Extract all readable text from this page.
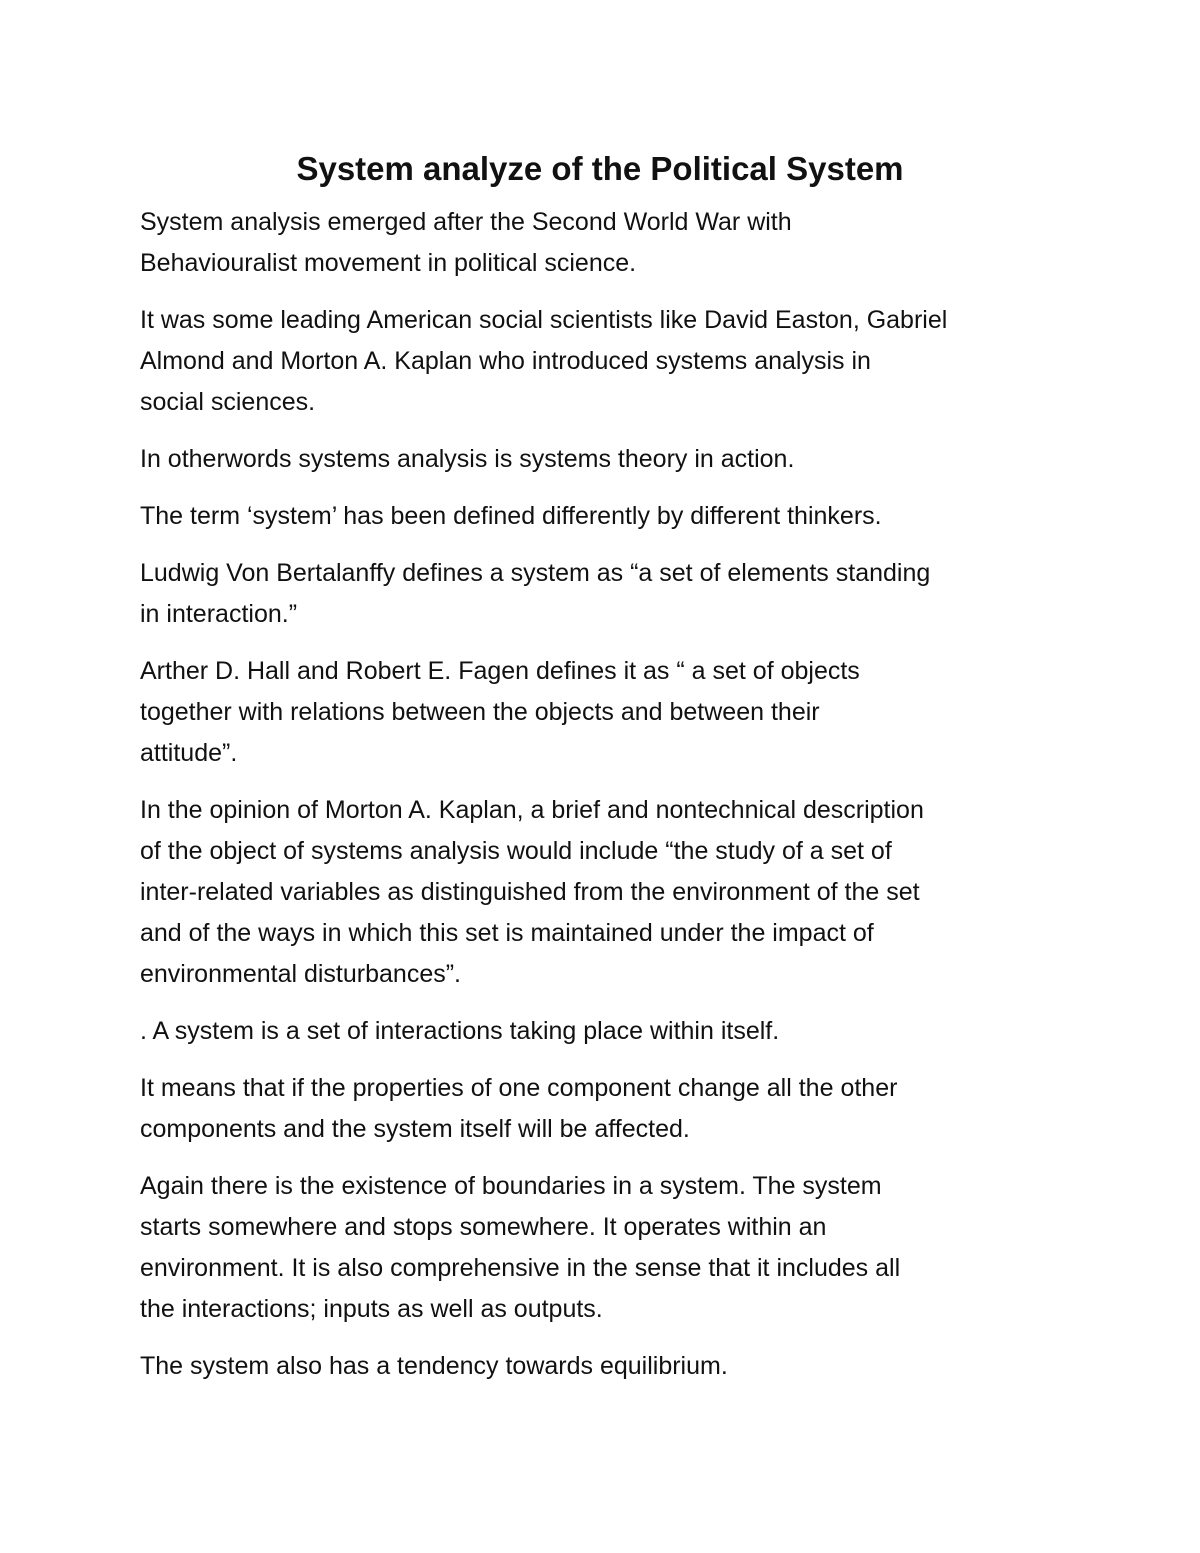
System analyze of the Political System

System analysis emerged after the Second World War with
Behaviouralist movement in political science.

It was some leading American social scientists like David Easton, Gabriel
Almond and Morton A. Kaplan who introduced systems analysis in
social sciences.

In otherwords systems analysis is systems theory in action.

The term ‘system’ has been defined differently by different thinkers.

Ludwig Von Bertalanffy defines a system as “a set of elements standing
in interaction.”

Arther D. Hall and Robert E. Fagen defines it as “ a set of objects
together with relations between the objects and between their
attitude”.

In the opinion of Morton A. Kaplan, a brief and nontechnical description
of the object of systems analysis would include “the study of a set of
inter-related variables as distinguished from the environment of the set
and of the ways in which this set is maintained under the impact of
environmental disturbances”.

. A system is a set of interactions taking place within itself.

It means that if the properties of one component change all the other
components and the system itself will be affected.

Again there is the existence of boundaries in a system. The system
starts somewhere and stops somewhere. It operates within an
environment. It is also comprehensive in the sense that it includes all
the interactions; inputs as well as outputs.

The system also has a tendency towards equilibrium.
